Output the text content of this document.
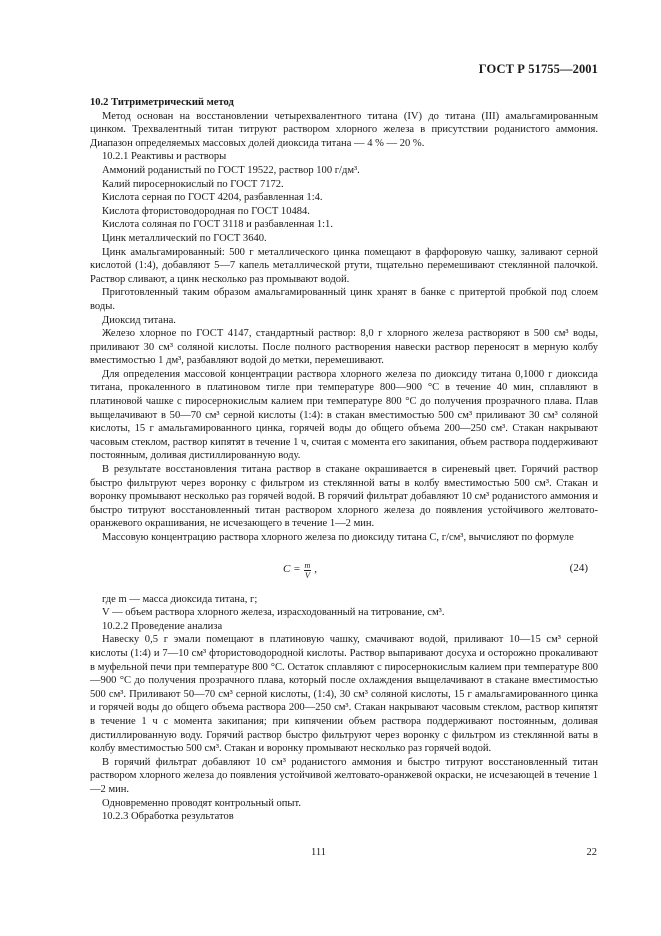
ГОСТ Р 51755—2001

10.2 Титриметрический метод

Метод основан на восстановлении четырехвалентного титана (IV) до титана (III) амальгамированным цинком. Трехвалентный титан титруют раствором хлорного железа в присутствии роданистого аммония. Диапазон определяемых массовых долей диоксида титана — 4 % — 20 %.

10.2.1 Реактивы и растворы

Аммоний роданистый по ГОСТ 19522, раствор 100 г/дм³.

Калий пиросернокислый по ГОСТ 7172.

Кислота серная по ГОСТ 4204, разбавленная 1:4.

Кислота фтористоводородная по ГОСТ 10484.

Кислота соляная по ГОСТ 3118 и разбавленная 1:1.

Цинк металлический по ГОСТ 3640.

Цинк амальгамированный: 500 г металлического цинка помещают в фарфоровую чашку, заливают серной кислотой (1:4), добавляют 5—7 капель металлической ртути, тщательно перемешивают стеклянной палочкой. Раствор сливают, а цинк несколько раз промывают водой.

Приготовленный таким образом амальгамированный цинк хранят в банке с притертой пробкой под слоем воды.

Диоксид титана.

Железо хлорное по ГОСТ 4147, стандартный раствор: 8,0 г хлорного железа растворяют в 500 см³ воды, приливают 30 см³ соляной кислоты. После полного растворения навески раствор переносят в мерную колбу вместимостью 1 дм³, разбавляют водой до метки, перемешивают.

Для определения массовой концентрации раствора хлорного железа по диоксиду титана 0,1000 г диоксида титана, прокаленного в платиновом тигле при температуре 800—900 °С в течение 40 мин, сплавляют в платиновой чашке с пиросернокислым калием при температуре 800 °С до получения прозрачного плава. Плав выщелачивают в 50—70 см³ серной кислоты (1:4): в стакан вместимостью 500 см³ приливают 30 см³ соляной кислоты, 15 г амальгамированного цинка, горячей воды до общего объема 200—250 см³. Стакан накрывают часовым стеклом, раствор кипятят в течение 1 ч, считая с момента его закипания, объем раствора поддерживают постоянным, доливая дистиллированную воду.

В результате восстановления титана раствор в стакане окрашивается в сиреневый цвет. Горячий раствор быстро фильтруют через воронку с фильтром из стеклянной ваты в колбу вместимостью 500 см³. Стакан и воронку промывают несколько раз горячей водой. В горячий фильтрат добавляют 10 см³ роданистого аммония и быстро титруют восстановленный титан раствором хлорного железа до появления устойчивого желтовато-оранжевого окрашивания, не исчезающего в течение 1—2 мин.

Массовую концентрацию раствора хлорного железа по диоксиду титана C, г/см³, вычисляют по формуле

$C = \frac{m}{V}$ ,	(24)

где m — масса диоксида титана, г;

V — объем раствора хлорного железа, израсходованный на титрование, см³.

10.2.2 Проведение анализа

Навеску 0,5 г эмали помещают в платиновую чашку, смачивают водой, приливают 10—15 см³ серной кислоты (1:4) и 7—10 см³ фтористоводородной кислоты. Раствор выпаривают досуха и осторожно прокаливают в муфельной печи при температуре 800 °С. Остаток сплавляют с пиросернокислым калием при температуре 800—900 °С до получения прозрачного плава, который после охлаждения выщелачивают в стакане вместимостью 500 см³. Приливают 50—70 см³ серной кислоты, (1:4), 30 см³ соляной кислоты, 15 г амальгамированного цинка и горячей воды до общего объема раствора 200—250 см³. Стакан накрывают часовым стеклом, раствор кипятят в течение 1 ч с момента закипания; при кипячении объем раствора поддерживают постоянным, доливая дистиллированную воду. Горячий раствор быстро фильтруют через воронку с фильтром из стеклянной ваты в колбу вместимостью 500 см³. Стакан и воронку промывают несколько раз горячей водой.

В горячий фильтрат добавляют 10 см³ роданистого аммония и быстро титруют восстановленный титан раствором хлорного железа до появления устойчивой желтовато-оранжевой окраски, не исчезающей в течение 1—2 мин.

Одновременно проводят контрольный опыт.

10.2.3 Обработка результатов

111	22
